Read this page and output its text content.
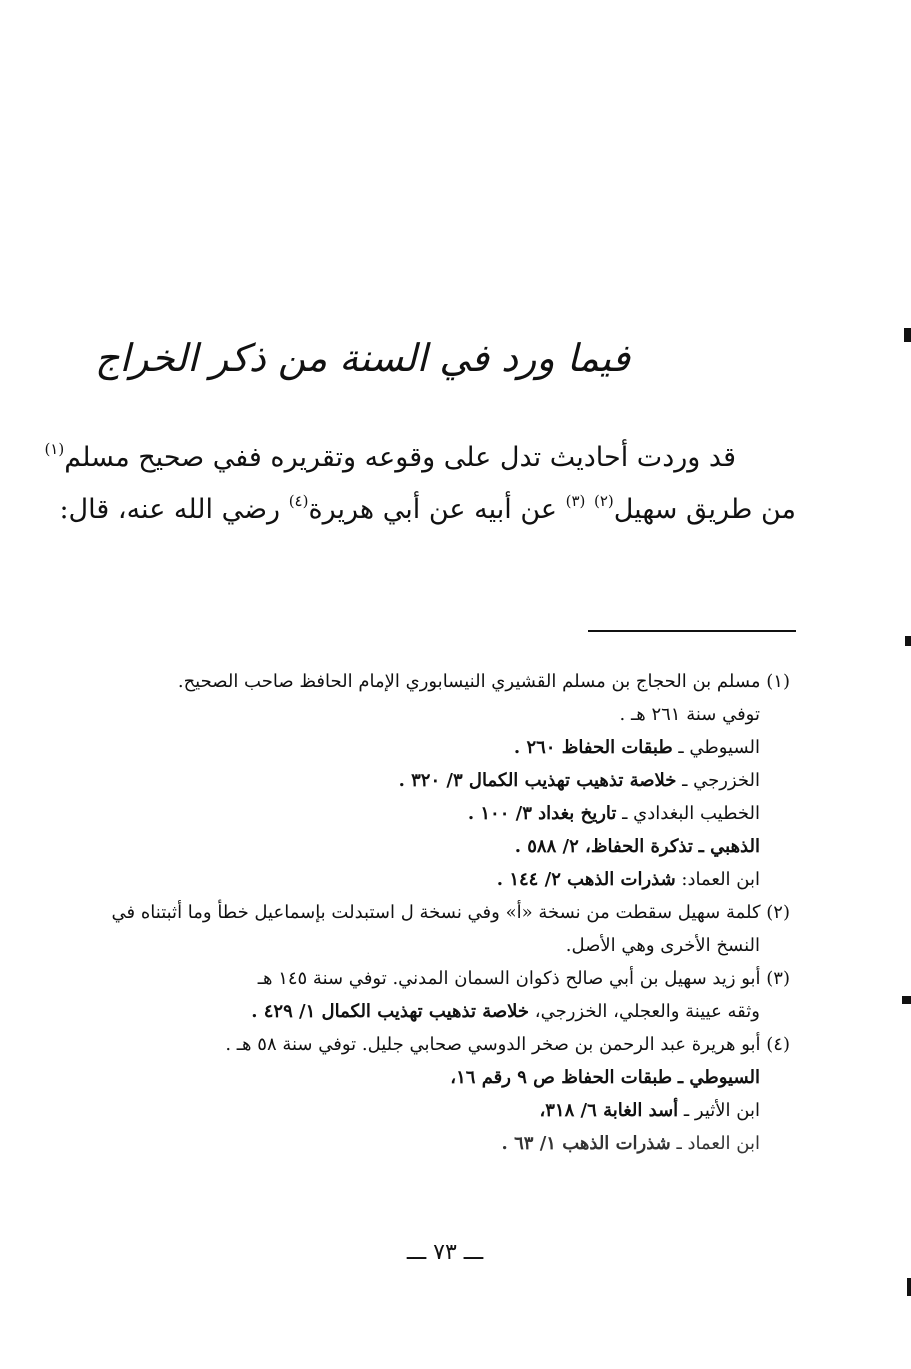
فيما ورد في السنة من ذكر الخراج
قد وردت أحاديث تدل على وقوعه وتقريره ففي صحيح مسلم$^{(١)}$
من طريق سهيل$^{(٢)}$ $^{(٣)}$ عن أبيه عن أبي هريرة$^{(٤)}$ رضي الله عنه، قال:
(١) مسلم بن الحجاج بن مسلم القشيري النيسابوري الإمام الحافظ صاحب الصحيح.
توفي سنة ٢٦١ هـ .
السيوطي ـ طبقات الحفاظ ٢٦٠ .
الخزرجي ـ خلاصة تذهيب تهذيب الكمال ٣/ ٣٢٠ .
الخطيب البغدادي ـ تاريخ بغداد ٣/ ١٠٠ .
الذهبي ـ تذكرة الحفاظ، ٢/ ٥٨٨ .
ابن العماد: شذرات الذهب ٢/ ١٤٤ .
(٢) كلمة سهيل سقطت من نسخة «أ» وفي نسخة ل استبدلت بإسماعيل خطأ وما أثبتناه في
النسخ الأخرى وهي الأصل.
(٣) أبو زيد سهيل بن أبي صالح ذكوان السمان المدني. توفي سنة ١٤٥ هـ
وثقه عيينة والعجلي، الخزرجي، خلاصة تذهيب تهذيب الكمال ١/ ٤٢٩ .
(٤) أبو هريرة عبد الرحمن بن صخر الدوسي صحابي جليل. توفي سنة ٥٨ هـ .
السيوطي ـ طبقات الحفاظ ص ٩ رقم ١٦،
ابن الأثير ـ أسد الغابة ٦/ ٣١٨،
ابن العماد ـ شذرات الذهب ١/ ٦٣ .
ـــ ٧٣ ـــ
